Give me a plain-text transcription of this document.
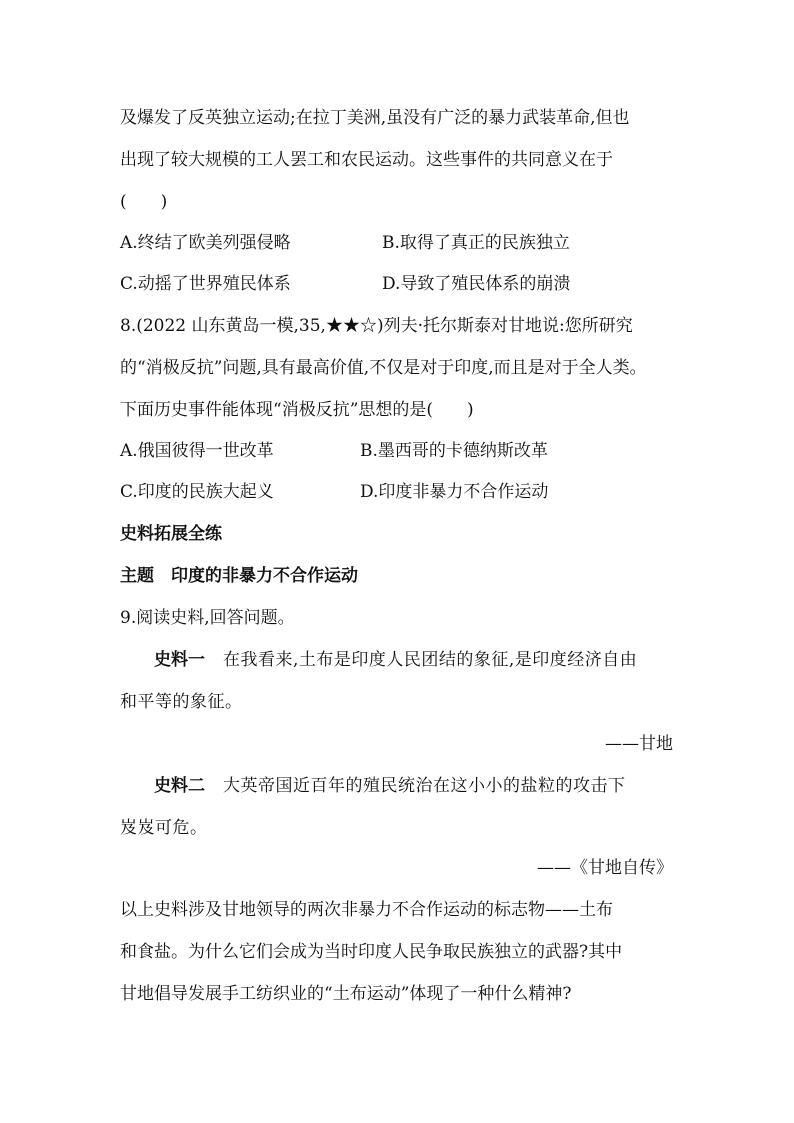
及爆发了反英独立运动;在拉丁美洲,虽没有广泛的暴力武装革命,但也
出现了较大规模的工人罢工和农民运动。这些事件的共同意义在于
(　　)
A.终结了欧美列强侵略	B.取得了真正的民族独立
C.动摇了世界殖民体系	D.导致了殖民体系的崩溃
8.(2022 山东黄岛一模,35,★★☆)列夫·托尔斯泰对甘地说:您所研究
的“消极反抗”问题,具有最高价值,不仅是对于印度,而且是对于全人类。
下面历史事件能体现“消极反抗”思想的是(　　)
A.俄国彼得一世改革	B.墨西哥的卡德纳斯改革
C.印度的民族大起义	D.印度非暴力不合作运动
史料拓展全练
主题　印度的非暴力不合作运动
9.阅读史料,回答问题。
史料一 在我看来,土布是印度人民团结的象征,是印度经济自由
和平等的象征。
——甘地
史料二 大英帝国近百年的殖民统治在这小小的盐粒的攻击下
岌岌可危。
——《甘地自传》
以上史料涉及甘地领导的两次非暴力不合作运动的标志物——土布
和食盐。为什么它们会成为当时印度人民争取民族独立的武器?其中
甘地倡导发展手工纺织业的“土布运动”体现了一种什么精神?
